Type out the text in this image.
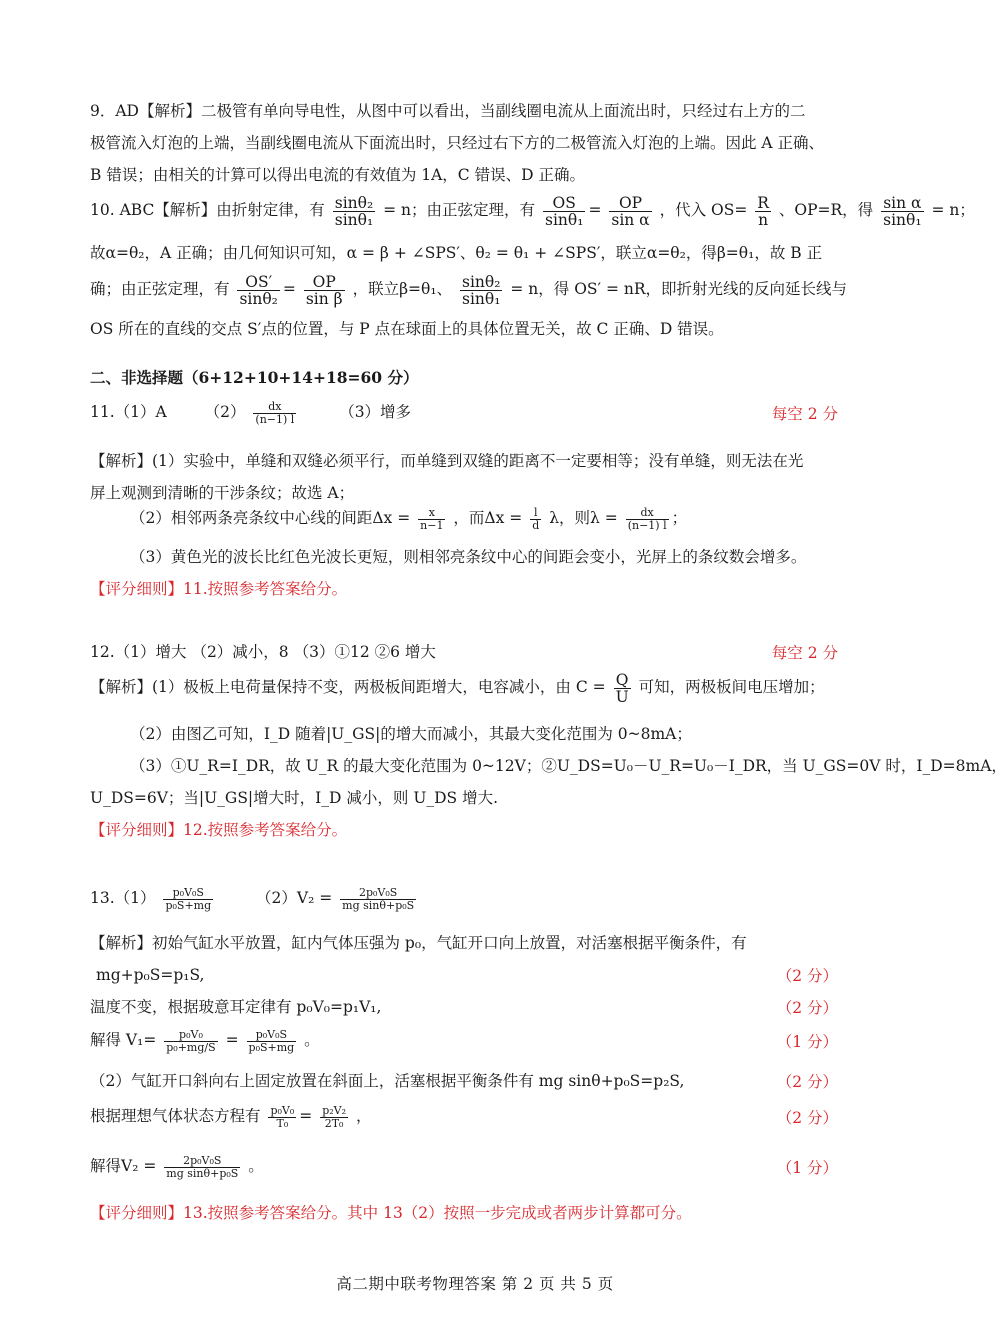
9．AD【解析】二极管有单向导电性，从图中可以看出，当副线圈电流从上面流出时，只经过右上方的二
极管流入灯泡的上端，当副线圈电流从下面流出时，只经过右下方的二极管流入灯泡的上端。因此 A 正确、
B 错误；由相关的计算可以得出电流的有效值为 1A，C 错误、D 正确。
10. ABC【解析】由折射定律，有 $\frac{\text{sinθ₂}}{\text{sinθ₁}} = n$；由正弦定理，有 $\frac{OS}{\text{sinθ₁}} = \frac{OP}{\text{sin α}}$ ，代入 $OS= \frac{R}{n}$ 、OP=R，得 $\frac{\text{sin α}}{\text{sinθ₁}} = n$；
故α=θ₂，A 正确；由几何知识可知，α = β + ∠SPS′、θ₂ = θ₁ + ∠SPS′，联立α=θ₂，得β=θ₁，故 B 正
确；由正弦定理，有 $\frac{OS'}{\text{sinθ₂}} = \frac{OP}{\text{sin β}}$ ，联立β=θ₁、 $\frac{\text{sinθ₂}}{\text{sinθ₁}} = n$，得 OS′ = nR，即折射光线的反向延长线与
OS 所在的直线的交点 S′点的位置，与 P 点在球面上的具体位置无关，故 C 正确、D 错误。
二、非选择题（6+12+10+14+18=60 分）
11.（1）A $(2) \frac{dx}{(n-1) l}$	（3）增多	每空 2 分
【解析】(1）实验中，单缝和双缝必须平行，而单缝到双缝的距离不一定要相等；没有单缝，则无法在光
屏上观测到清晰的干涉条纹；故选 A；
（2）相邻两条亮条纹中心线的间距$\Delta x = \frac{x}{n-1}$ ，而$\Delta x = \frac{l}{d}$ λ，则$\lambda = \frac{dx}{(n-1) l}$ ；
（3）黄色光的波长比红色光波长更短，则相邻亮条纹中心的间距会变小，光屏上的条纹数会增多。
【评分细则】11.按照参考答案给分。
12.（1）增大 （2）减小，8 （3）①12 ②6 增大	每空 2 分
【解析】(1）极板上电荷量保持不变，两极板间距增大，电容减小，由 $C = \frac{Q}{U}$ 可知，两极板间电压增加；
（2）由图乙可知，I_D 随着|U_GS|的增大而减小，其最大变化范围为 0~8mA；
（3）①U_R=I_DR，故 U_R 的最大变化范围为 0~12V；②U_DS=U₀－U_R=U₀－I_DR，当 U_GS=0V 时，I_D=8mA，
U_DS=6V；当|U_GS|增大时，I_D 减小，则 U_DS 增大.
【评分细则】12.按照参考答案给分。
$13.(1) \frac{\text{p₀V₀S}}{\text{p₀S+mg}}$	$(2)V_2 = \frac{\text{2p₀V₀S}}{\text{mg sinθ+p₀S}}$
【解析】初始气缸水平放置，缸内气体压强为 p₀，气缸开口向上放置，对活塞根据平衡条件，有
mg+p₀S=p₁S,	（2 分）
温度不变，根据玻意耳定律有 p₀V₀=p₁V₁,	（2 分）
解得 $V_1= \frac{\text{p₀V₀}}{\text{p₀+mg/S}} = \frac{\text{p₀V₀S}}{\text{p₀S+mg}}$ 。	（1 分）
（2）气缸开口斜向右上固定放置在斜面上，活塞根据平衡条件有 mg sinθ+p₀S=p₂S,	（2 分）
根据理想气体状态方程有 $\frac{\text{p₀V₀}}{\text{T₀}} = \frac{\text{p₂V₂}}{\text{2T₀}}$ ，	（2 分）
解得$V_2 = \frac{\text{2p₀V₀S}}{\text{mg sinθ+p₀S}}$ 。	（1 分）
【评分细则】13.按照参考答案给分。其中 13（2）按照一步完成或者两步计算都可分。
高二期中联考物理答案 第 2 页 共 5 页
